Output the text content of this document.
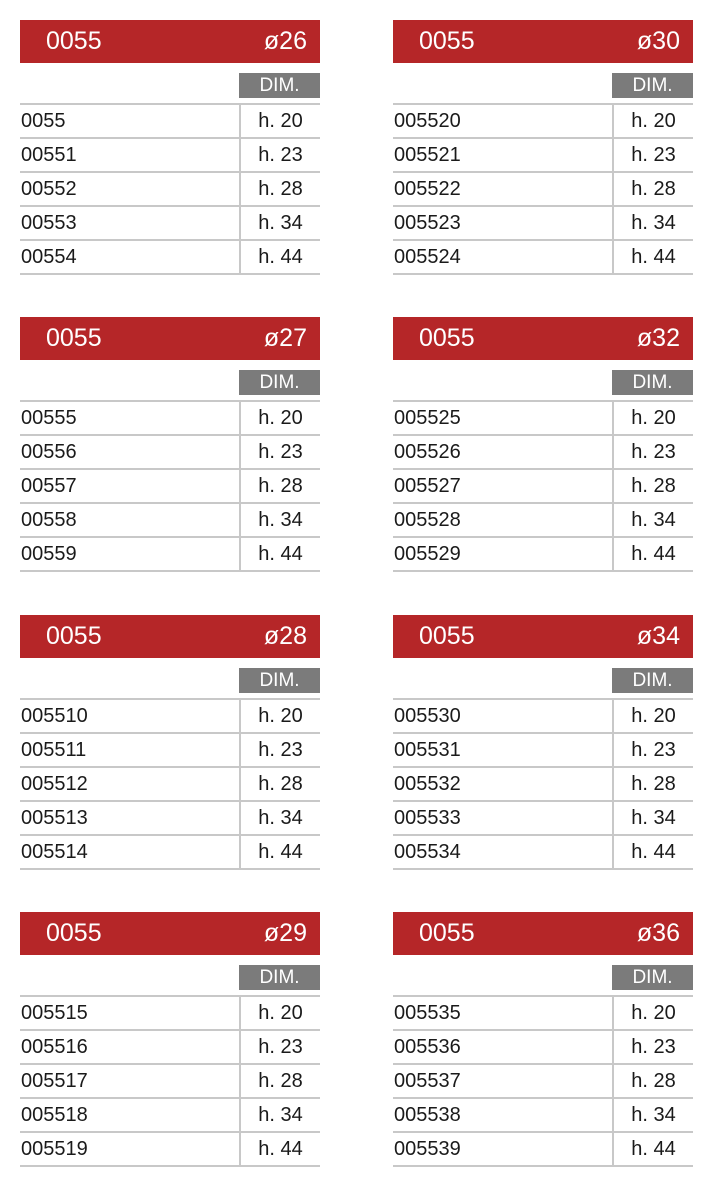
0055	ø26
DIM.
0055	h. 20
00551	h. 23
00552	h. 28
00553	h. 34
00554	h. 44
0055	ø30
DIM.
005520	h. 20
005521	h. 23
005522	h. 28
005523	h. 34
005524	h. 44
0055	ø27
DIM.
00555	h. 20
00556	h. 23
00557	h. 28
00558	h. 34
00559	h. 44
0055	ø32
DIM.
005525	h. 20
005526	h. 23
005527	h. 28
005528	h. 34
005529	h. 44
0055	ø28
DIM.
005510	h. 20
005511	h. 23
005512	h. 28
005513	h. 34
005514	h. 44
0055	ø34
DIM.
005530	h. 20
005531	h. 23
005532	h. 28
005533	h. 34
005534	h. 44
0055	ø29
DIM.
005515	h. 20
005516	h. 23
005517	h. 28
005518	h. 34
005519	h. 44
0055	ø36
DIM.
005535	h. 20
005536	h. 23
005537	h. 28
005538	h. 34
005539	h. 44
